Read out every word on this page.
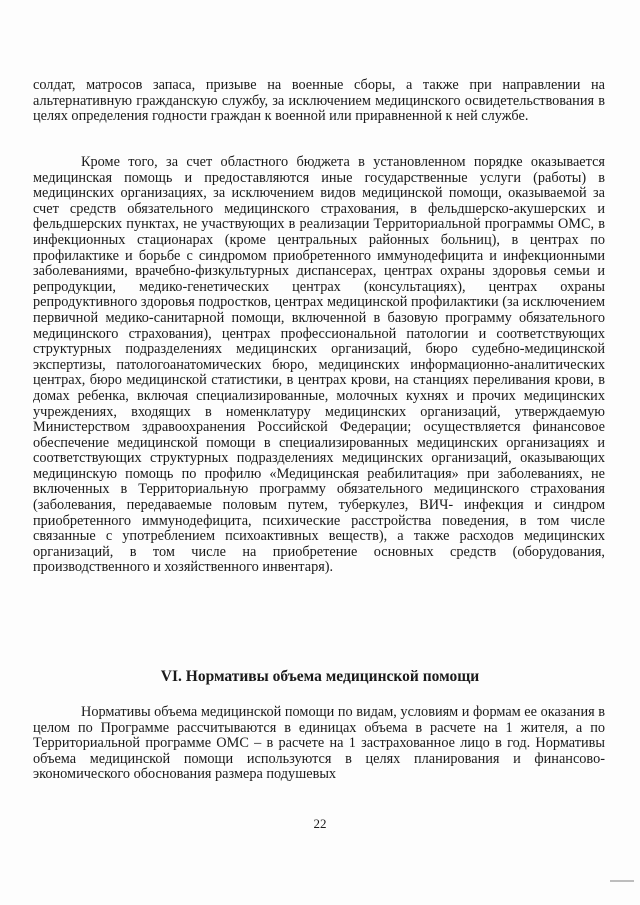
солдат, матросов запаса, призыве на военные сборы, а также при направлении на альтернативную гражданскую службу, за исключением медицинского освидетельствования в целях определения годности граждан к военной или приравненной к ней службе.

Кроме того, за счет областного бюджета в установленном порядке оказывается медицинская помощь и предоставляются иные государственные услуги (работы) в медицинских организациях, за исключением видов медицинской помощи, оказываемой за счет средств обязательного медицинского страхования, в фельдшерско-акушерских и фельдшерских пунктах, не участвующих в реализации Территориальной программы ОМС, в инфекционных стационарах (кроме центральных районных больниц), в центрах по профилактике и борьбе с синдромом приобретенного иммунодефицита и инфекционными заболеваниями, врачебно-физкультурных диспансерах, центрах охраны здоровья семьи и репродукции, медико-генетических центрах (консультациях), центрах охраны репродуктивного здоровья подростков, центрах медицинской профилактики (за исключением первичной медико-санитарной помощи, включенной в базовую программу обязательного медицинского страхования), центрах профессиональной патологии и соответствующих структурных подразделениях медицинских организаций, бюро судебно-медицинской экспертизы, патологоанатомических бюро, медицинских информационно-аналитических центрах, бюро медицинской статистики, в центрах крови, на станциях переливания крови, в домах ребенка, включая специализированные, молочных кухнях и прочих медицинских учреждениях, входящих в номенклатуру медицинских организаций, утверждаемую Министерством здравоохранения Российской Федерации; осуществляется финансовое обеспечение медицинской помощи в специализированных медицинских организациях и соответствующих структурных подразделениях медицинских организаций, оказывающих медицинскую помощь по профилю «Медицинская реабилитация» при заболеваниях, не включенных в Территориальную программу обязательного медицинского страхования (заболевания, передаваемые половым путем, туберкулез, ВИЧ- инфекция и синдром приобретенного иммунодефицита, психические расстройства поведения, в том числе связанные с употреблением психоактивных веществ), а также расходов медицинских организаций, в том числе на приобретение основных средств (оборудования, производственного и хозяйственного инвентаря).

VI. Нормативы объема медицинской помощи

Нормативы объема медицинской помощи по видам, условиям и формам ее оказания в целом по Программе рассчитываются в единицах объема в расчете на 1 жителя, а по Территориальной программе ОМС – в расчете на 1 застрахованное лицо в год. Нормативы объема медицинской помощи используются в целях планирования и финансово-экономического обоснования размера подушевых

22
